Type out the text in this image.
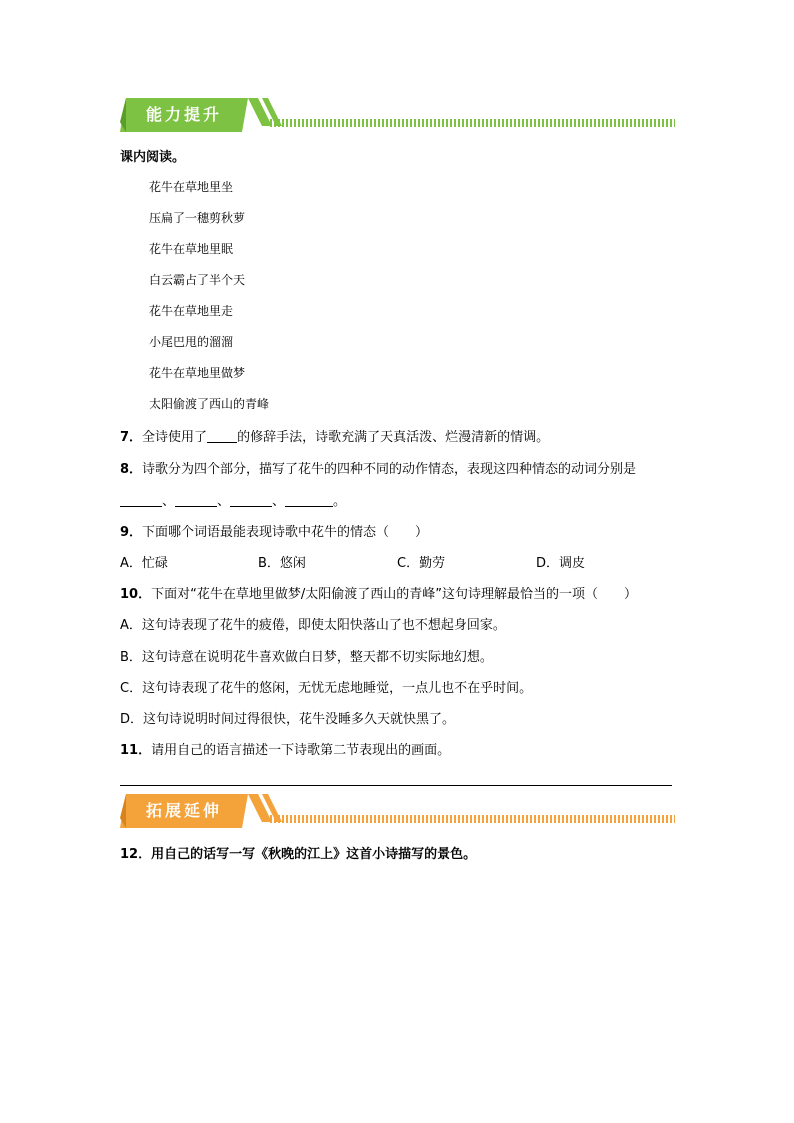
能力提升
课内阅读。
花牛在草地里坐
压扁了一穗剪秋萝
花牛在草地里眠
白云霸占了半个天
花牛在草地里走
小尾巴甩的溜溜
花牛在草地里做梦
太阳偷渡了西山的青峰
7．全诗使用了 的修辞手法，诗歌充满了天真活泼、烂漫清新的情调。
8．诗歌分为四个部分，描写了花牛的四种不同的动作情态，表现这四种情态的动词分别是
、	、	、	。
9．下面哪个词语最能表现诗歌中花牛的情态（　　）
A．忙碌	B．悠闲	C．勤劳	D．调皮
10．下面对“花牛在草地里做梦/太阳偷渡了西山的青峰”这句诗理解最恰当的一项（　　）
A．这句诗表现了花牛的疲倦，即使太阳快落山了也不想起身回家。
B．这句诗意在说明花牛喜欢做白日梦，整天都不切实际地幻想。
C．这句诗表现了花牛的悠闲，无忧无虑地睡觉，一点儿也不在乎时间。
D．这句诗说明时间过得很快，花牛没睡多久天就快黑了。
11．请用自己的语言描述一下诗歌第二节表现出的画面。
拓展延伸
12．用自己的话写一写《秋晚的江上》这首小诗描写的景色。
